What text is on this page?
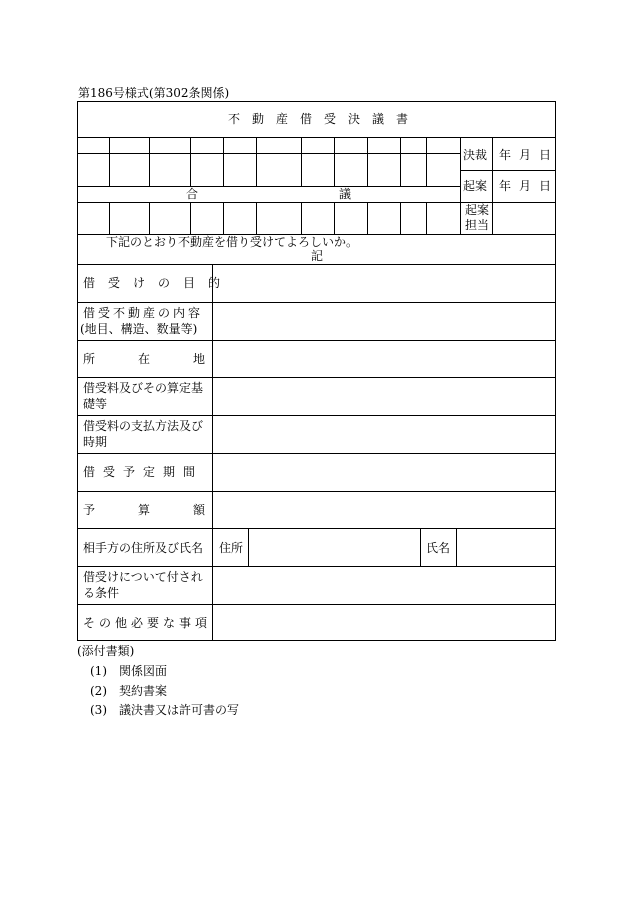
第186号様式(第302条関係)
不動産借受決議書
決裁 年 月 日
起案 年 月 日
起案
担当
合	議
下記のとおり不動産を借り受けてよろしいか。
記
借受けの目的
借受不動産の内容
(地目、構造、数量等)
所在地
借受料及びその算定基
礎等
借受料の支払方法及び
時期
借受予定期間
予算額
相手方の住所及び氏名 住所	氏名
借受けについて付され
る条件
その他必要な事項
(添付書類)
(1) 関係図面
(2) 契約書案
(3) 議決書又は許可書の写
